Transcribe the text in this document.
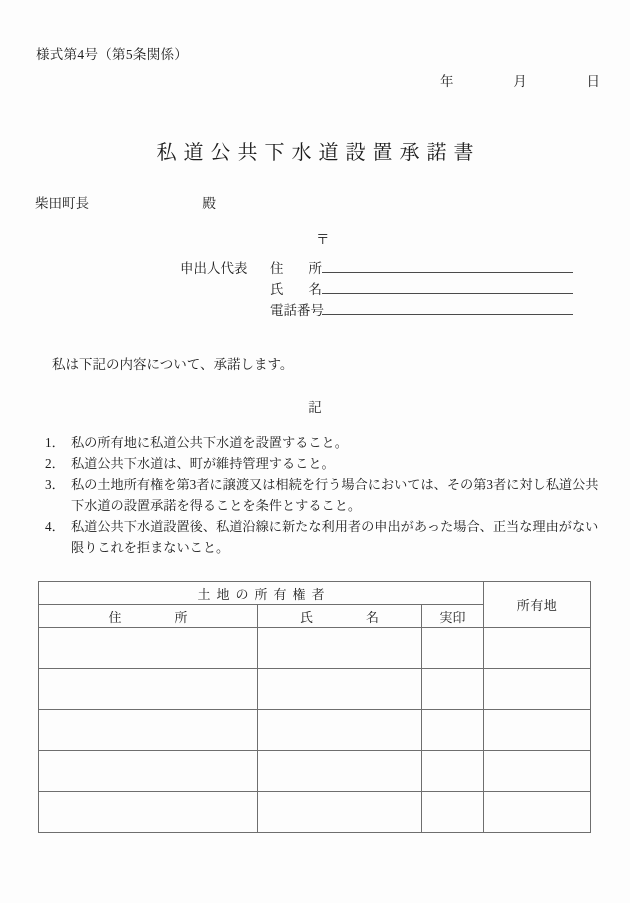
様式第4号（第5条関係）
年	月	日
私道公共下水道設置承諾書
柴田町長	殿
〒
申出人代表 住 所
氏 名
電話番号
私は下記の内容について、承諾します。
記
1． 私の所有地に私道公共下水道を設置すること。
2． 私道公共下水道は、町が維持管理すること。
3． 私の土地所有権を第3者に譲渡又は相続を行う場合においては、その第3者に対し私道公共下水道の設置承諾を得ることを条件とすること。
4． 私道公共下水道設置後、私道沿線に新たな利用者の申出があった場合、正当な理由がない限りこれを拒まないこと。
土地の所有権者			所有地
住　　所	氏　　名	実印	
